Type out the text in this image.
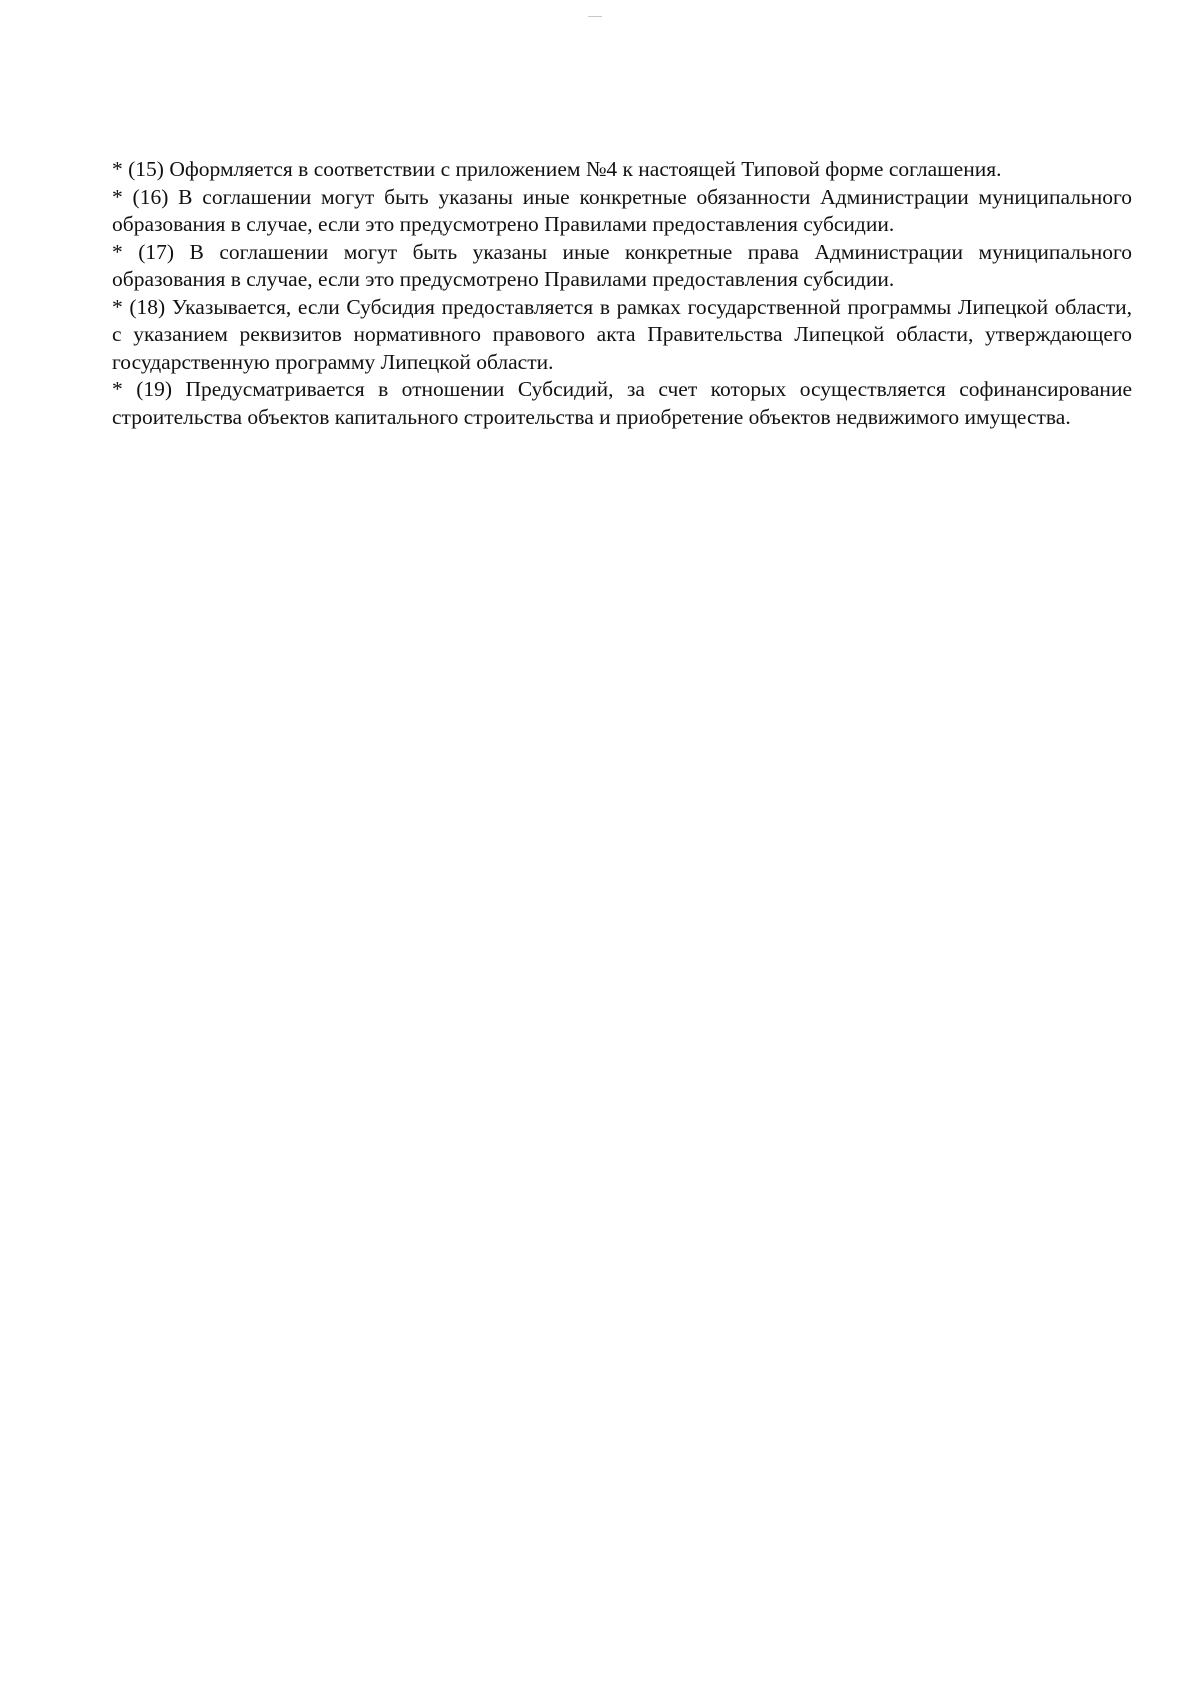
* (15) Оформляется в соответствии с приложением №4 к настоящей Типовой форме соглашения.

* (16) В соглашении могут быть указаны иные конкретные обязанности Администрации муниципального образования в случае, если это предусмотрено Правилами предоставления субсидии.

* (17) В соглашении могут быть указаны иные конкретные права Администрации муниципального образования в случае, если это предусмотрено Правилами предоставления субсидии.

* (18) Указывается, если Субсидия предоставляется в рамках государственной программы Липецкой области, с указанием реквизитов нормативного правового акта Правительства Липецкой области, утверждающего государственную программу Липецкой области.

* (19) Предусматривается в отношении Субсидий, за счет которых осуществляется софинансирование строительства объектов капитального строительства и приобретение объектов недвижимого имущества.
